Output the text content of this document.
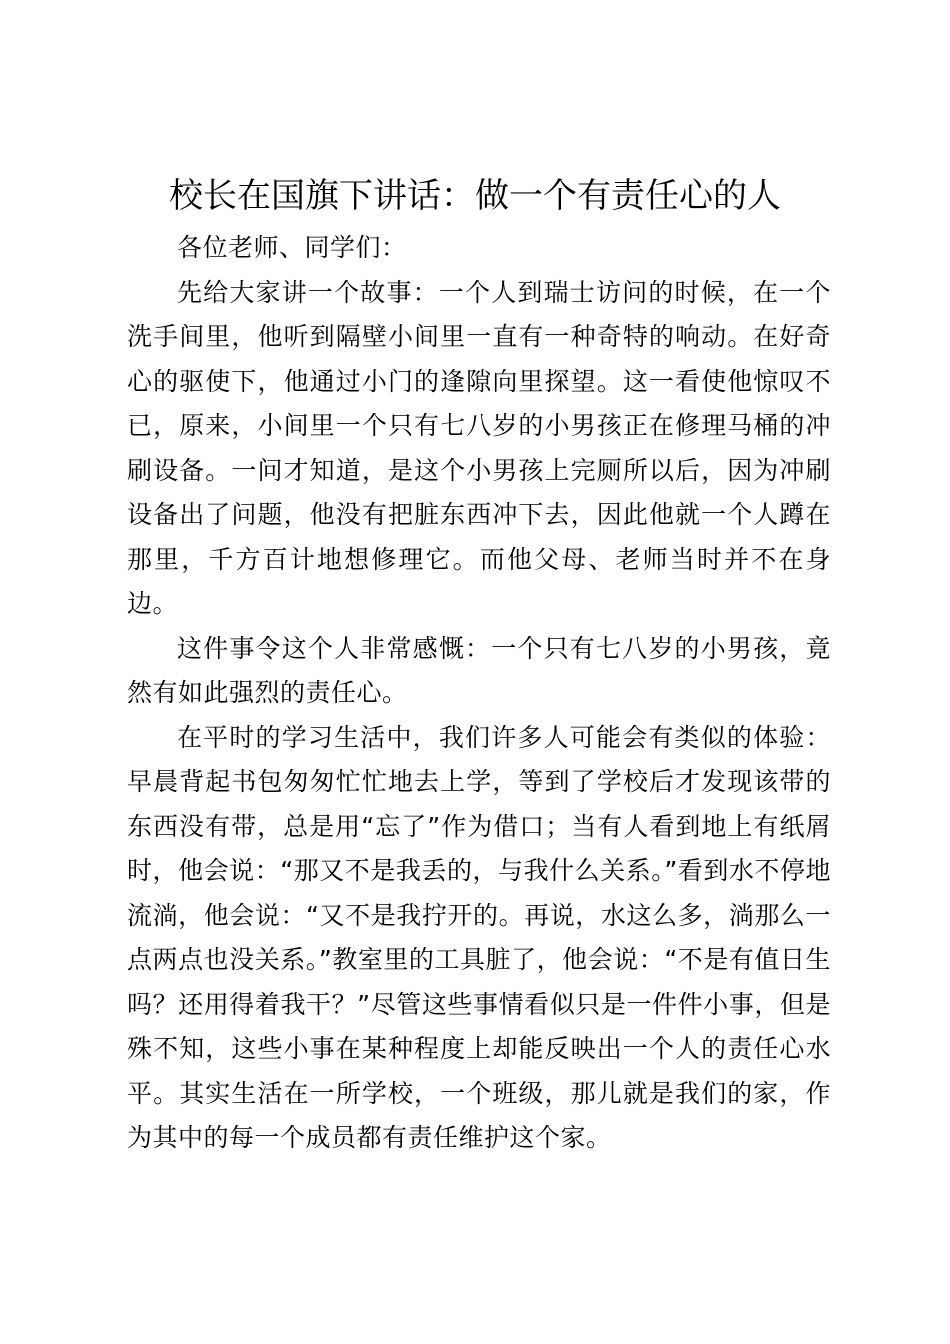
校长在国旗下讲话：做一个有责任心的人

各位老师、同学们：

先给大家讲一个故事：一个人到瑞士访问的时候，在一个洗手间里，他听到隔壁小间里一直有一种奇特的响动。在好奇心的驱使下，他通过小门的逢隙向里探望。这一看使他惊叹不已，原来，小间里一个只有七八岁的小男孩正在修理马桶的冲刷设备。一问才知道，是这个小男孩上完厕所以后，因为冲刷设备出了问题，他没有把脏东西冲下去，因此他就一个人蹲在那里，千方百计地想修理它。而他父母、老师当时并不在身边。

这件事令这个人非常感慨：一个只有七八岁的小男孩，竟然有如此强烈的责任心。

在平时的学习生活中，我们许多人可能会有类似的体验：早晨背起书包匆匆忙忙地去上学，等到了学校后才发现该带的东西没有带，总是用“忘了”作为借口；当有人看到地上有纸屑时，他会说：“那又不是我丢的，与我什么关系。”看到水不停地流淌，他会说：“又不是我拧开的。再说，水这么多，淌那么一点两点也没关系。”教室里的工具脏了，他会说：“不是有值日生吗？还用得着我干？”尽管这些事情看似只是一件件小事，但是殊不知，这些小事在某种程度上却能反映出一个人的责任心水平。其实生活在一所学校，一个班级，那儿就是我们的家，作为其中的每一个成员都有责任维护这个家。
